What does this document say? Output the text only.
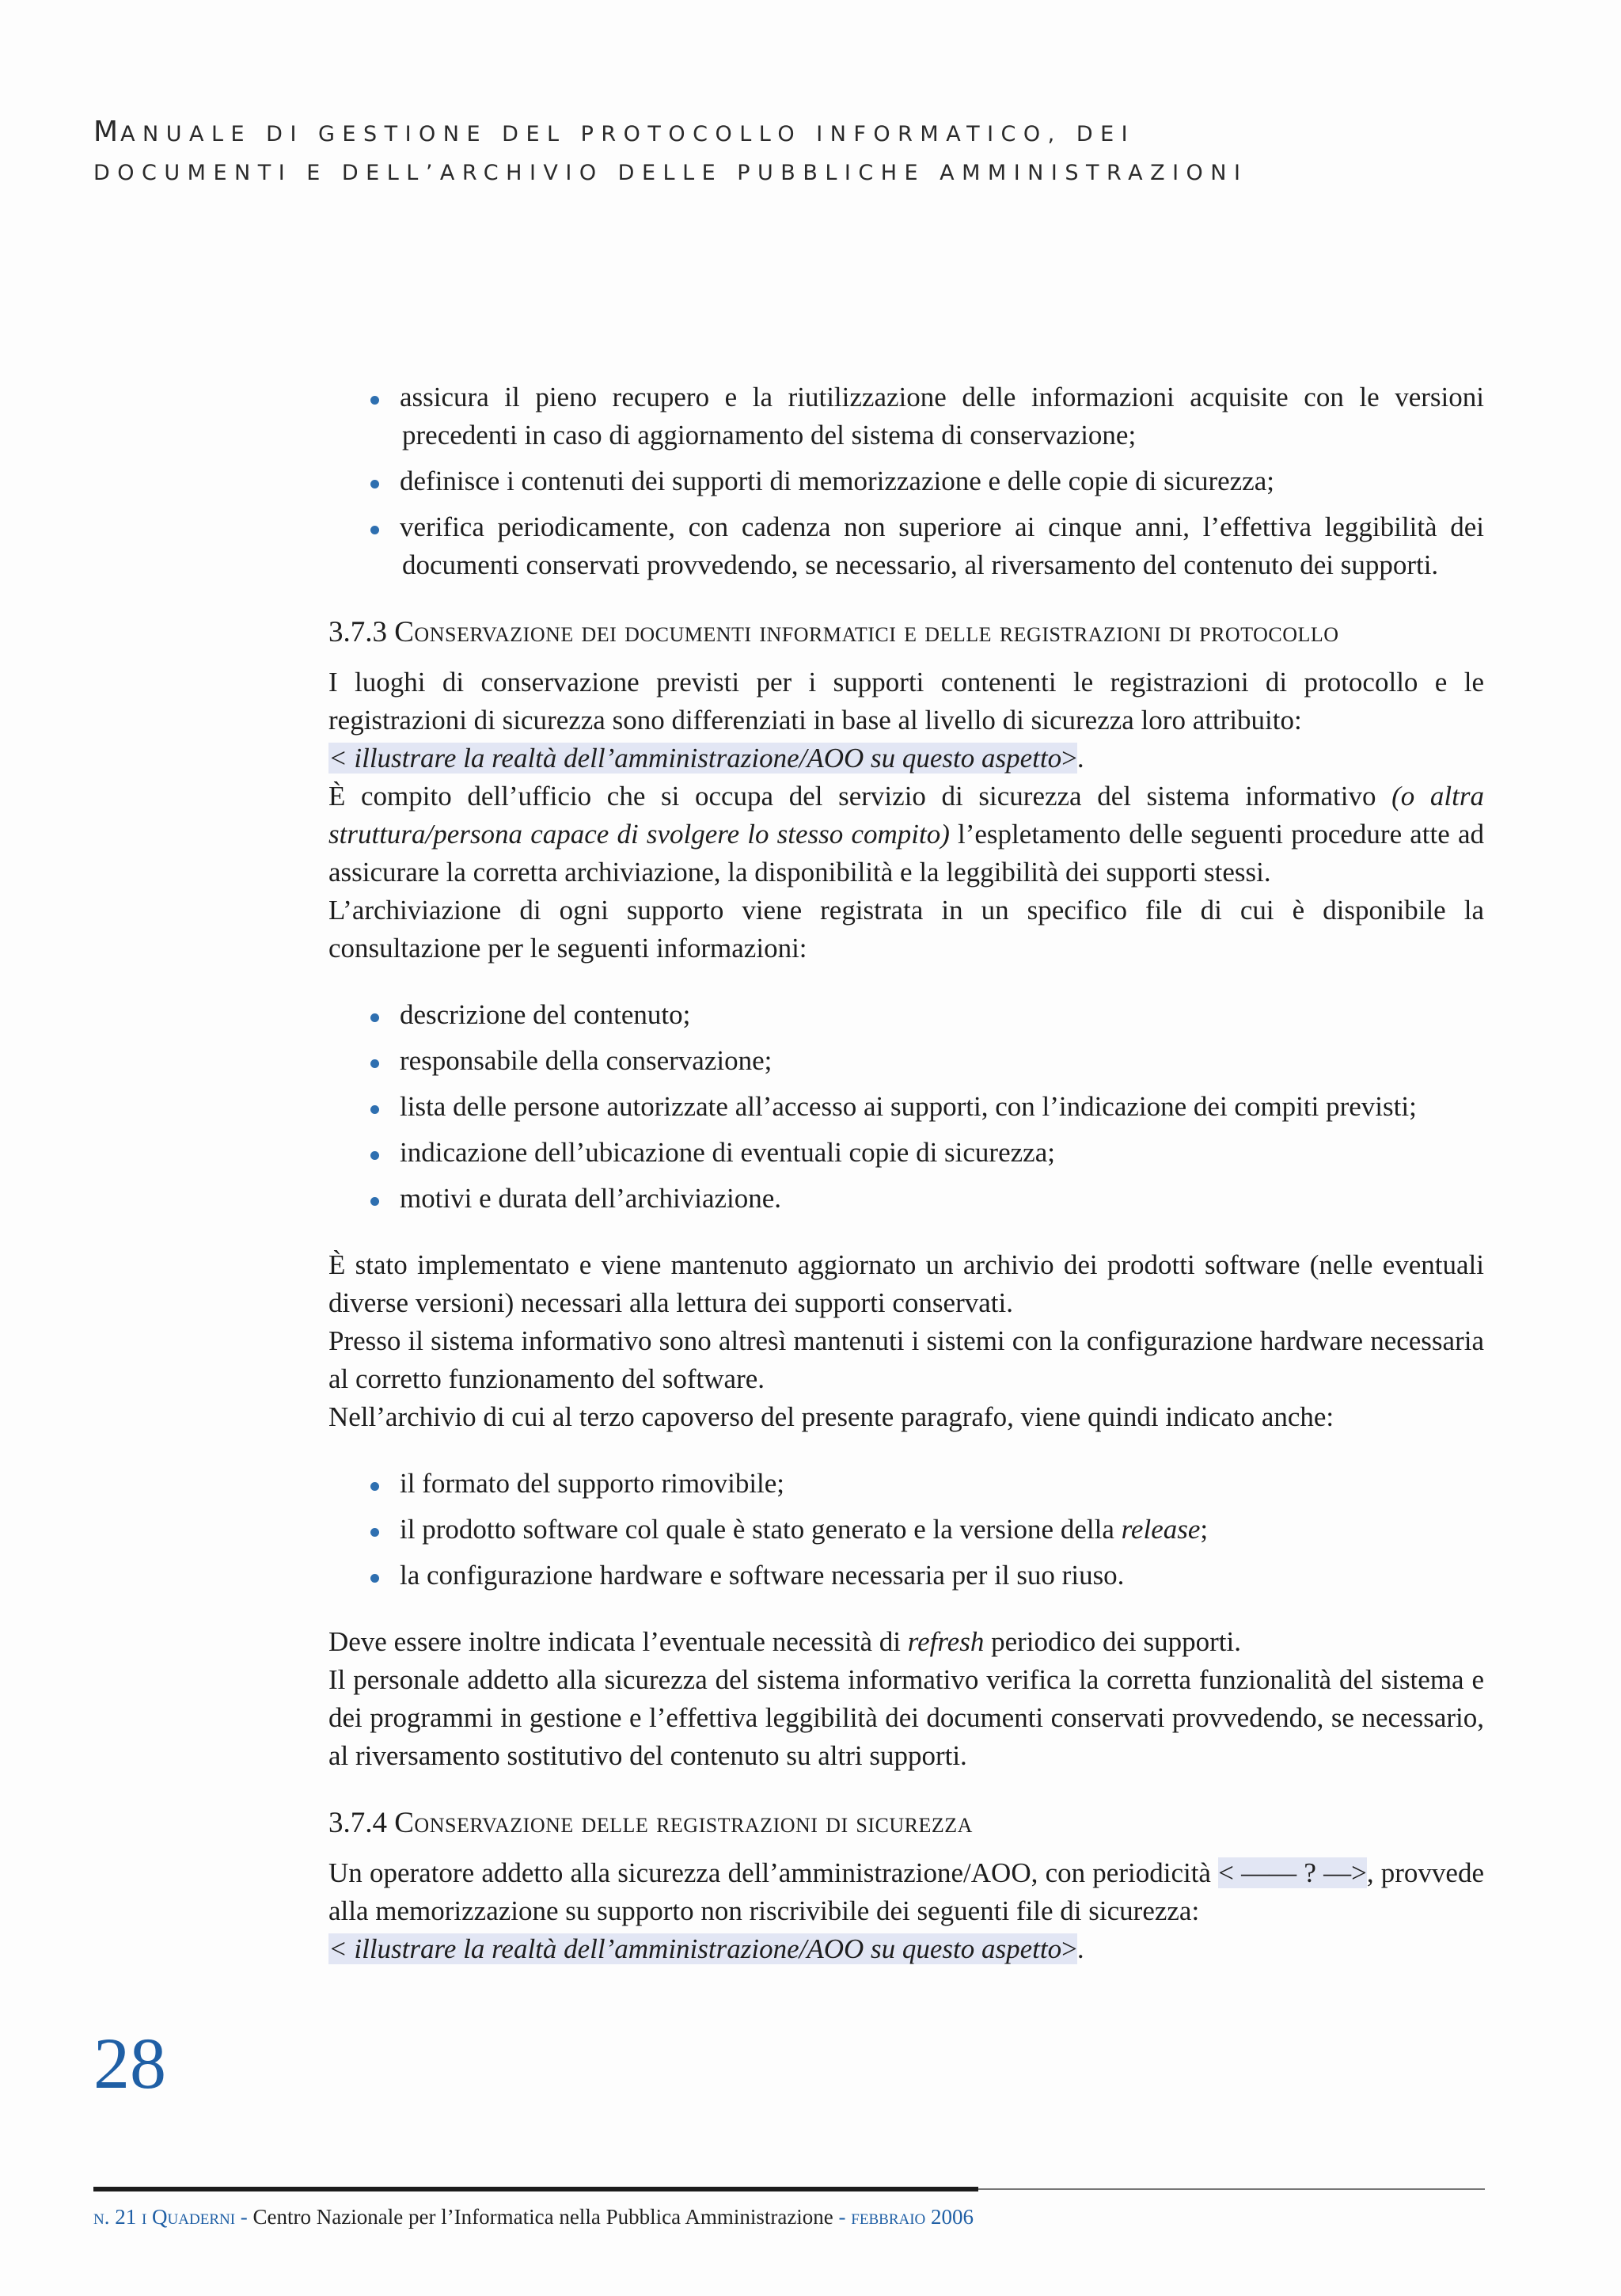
MANUALE DI GESTIONE DEL PROTOCOLLO INFORMATICO, DEI
DOCUMENTI E DELL’ARCHIVIO DELLE PUBBLICHE AMMINISTRAZIONI
assicura il pieno recupero e la riutilizzazione delle informazioni acquisite con le versioni precedenti in caso di aggiornamento del sistema di conservazione;
definisce i contenuti dei supporti di memorizzazione e delle copie di sicurezza;
verifica periodicamente, con cadenza non superiore ai cinque anni, l’effettiva leggibilità dei documenti conservati provvedendo, se necessario, al riversamento del contenuto dei supporti.
3.7.3 Conservazione dei documenti informatici e delle registrazioni di protocollo

I luoghi di conservazione previsti per i supporti contenenti le registrazioni di protocollo e le registrazioni di sicurezza sono differenziati in base al livello di sicurezza loro attribuito:
< illustrare la realtà dell’amministrazione/AOO su questo aspetto>.

È compito dell’ufficio che si occupa del servizio di sicurezza del sistema informativo (o altra struttura/persona capace di svolgere lo stesso compito) l’espletamento delle seguenti procedure atte ad assicurare la corretta archiviazione, la disponibilità e la leggibilità dei supporti stessi.

L’archiviazione di ogni supporto viene registrata in un specifico file di cui è disponibile la consultazione per le seguenti informazioni:

descrizione del contenuto;
responsabile della conservazione;
lista delle persone autorizzate all’accesso ai supporti, con l’indicazione dei compiti previsti;
indicazione dell’ubicazione di eventuali copie di sicurezza;
motivi e durata dell’archiviazione.

È stato implementato e viene mantenuto aggiornato un archivio dei prodotti software (nelle eventuali diverse versioni) necessari alla lettura dei supporti conservati.

Presso il sistema informativo sono altresì mantenuti i sistemi con la configurazione hardware necessaria al corretto funzionamento del software.

Nell’archivio di cui al terzo capoverso del presente paragrafo, viene quindi indicato anche:

il formato del supporto rimovibile;
il prodotto software col quale è stato generato e la versione della release;
la configurazione hardware e software necessaria per il suo riuso.

Deve essere inoltre indicata l’eventuale necessità di refresh periodico dei supporti.

Il personale addetto alla sicurezza del sistema informativo verifica la corretta funzionalità del sistema e dei programmi in gestione e l’effettiva leggibilità dei documenti conservati provvedendo, se necessario, al riversamento sostitutivo del contenuto su altri supporti.

3.7.4 Conservazione delle registrazioni di sicurezza

Un operatore addetto alla sicurezza dell’amministrazione/AOO, con periodicità < —— ? —>, provvede alla memorizzazione su supporto non riscrivibile dei seguenti file di sicurezza:
< illustrare la realtà dell’amministrazione/AOO su questo aspetto>.

28
n. 21 i Quaderni - Centro Nazionale per l’Informatica nella Pubblica Amministrazione - febbraio 2006
